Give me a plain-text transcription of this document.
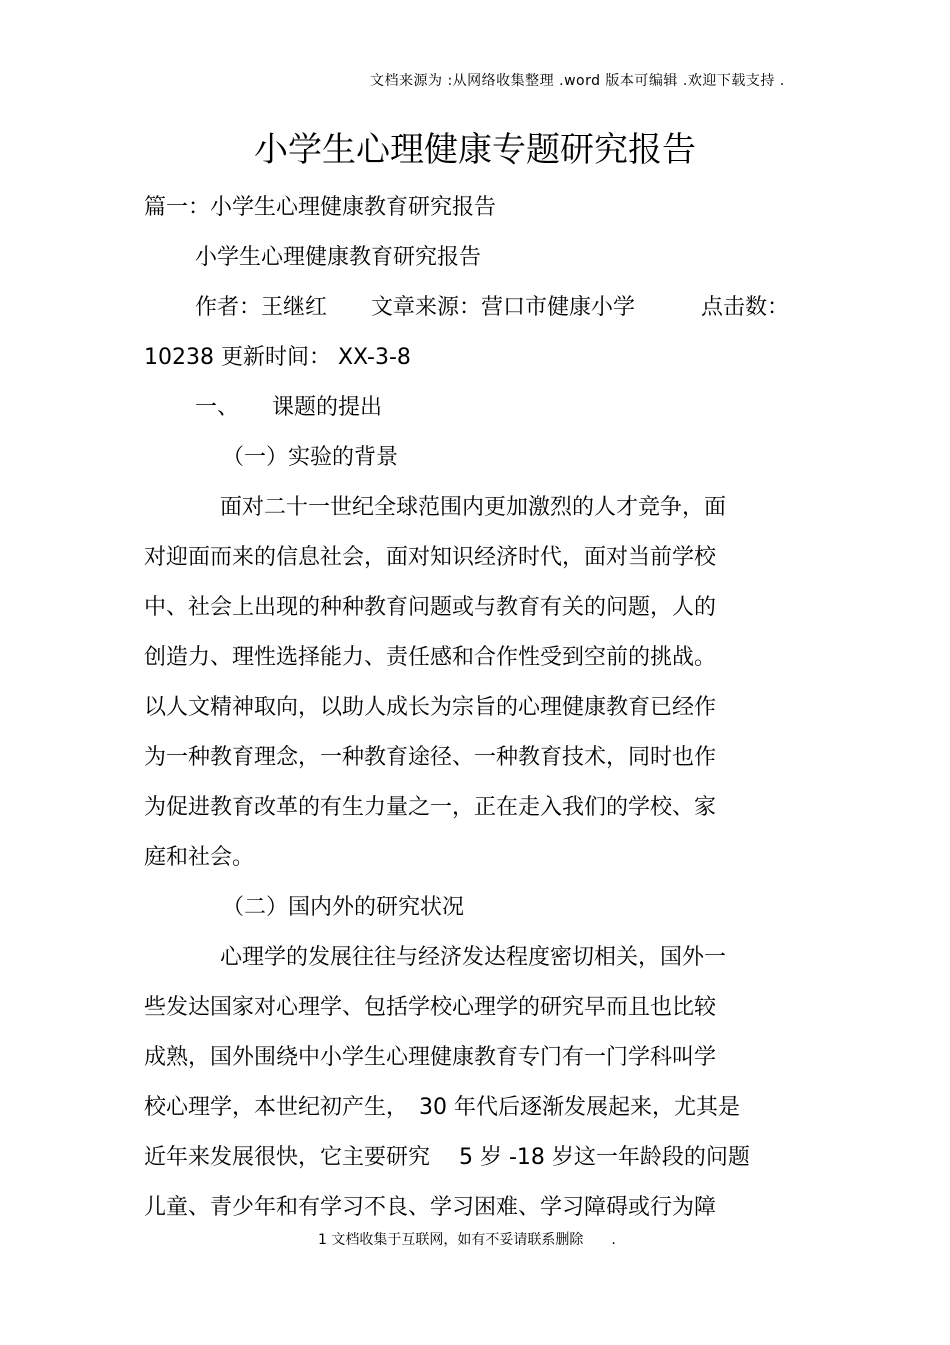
文档来源为 :从网络收集整理 .word 版本可编辑 .欢迎下载支持 .
小学生心理健康专题研究报告
篇一：小学生心理健康教育研究报告
小学生心理健康教育研究报告
作者：王继红　　文章来源：营口市健康小学　　　点击数：
10238 更新时间： XX-3-8
一、　　课题的提出
（一）实验的背景
面对二十一世纪全球范围内更加激烈的人才竞争，面
对迎面而来的信息社会，面对知识经济时代，面对当前学校
中、社会上出现的种种教育问题或与教育有关的问题，人的
创造力、理性选择能力、责任感和合作性受到空前的挑战。
以人文精神取向，以助人成长为宗旨的心理健康教育已经作
为一种教育理念，一种教育途径、一种教育技术，同时也作
为促进教育改革的有生力量之一，正在走入我们的学校、家
庭和社会。
（二）国内外的研究状况
心理学的发展往往与经济发达程度密切相关，国外一
些发达国家对心理学、包括学校心理学的研究早而且也比较
成熟，国外围绕中小学生心理健康教育专门有一门学科叫学
校心理学，本世纪初产生，　30 年代后逐渐发展起来，尤其是
近年来发展很快，它主要研究　 5 岁 -18 岁这一年龄段的问题
儿童、青少年和有学习不良、学习困难、学习障碍或行为障
1 文档收集于互联网，如有不妥请联系删除　　.
